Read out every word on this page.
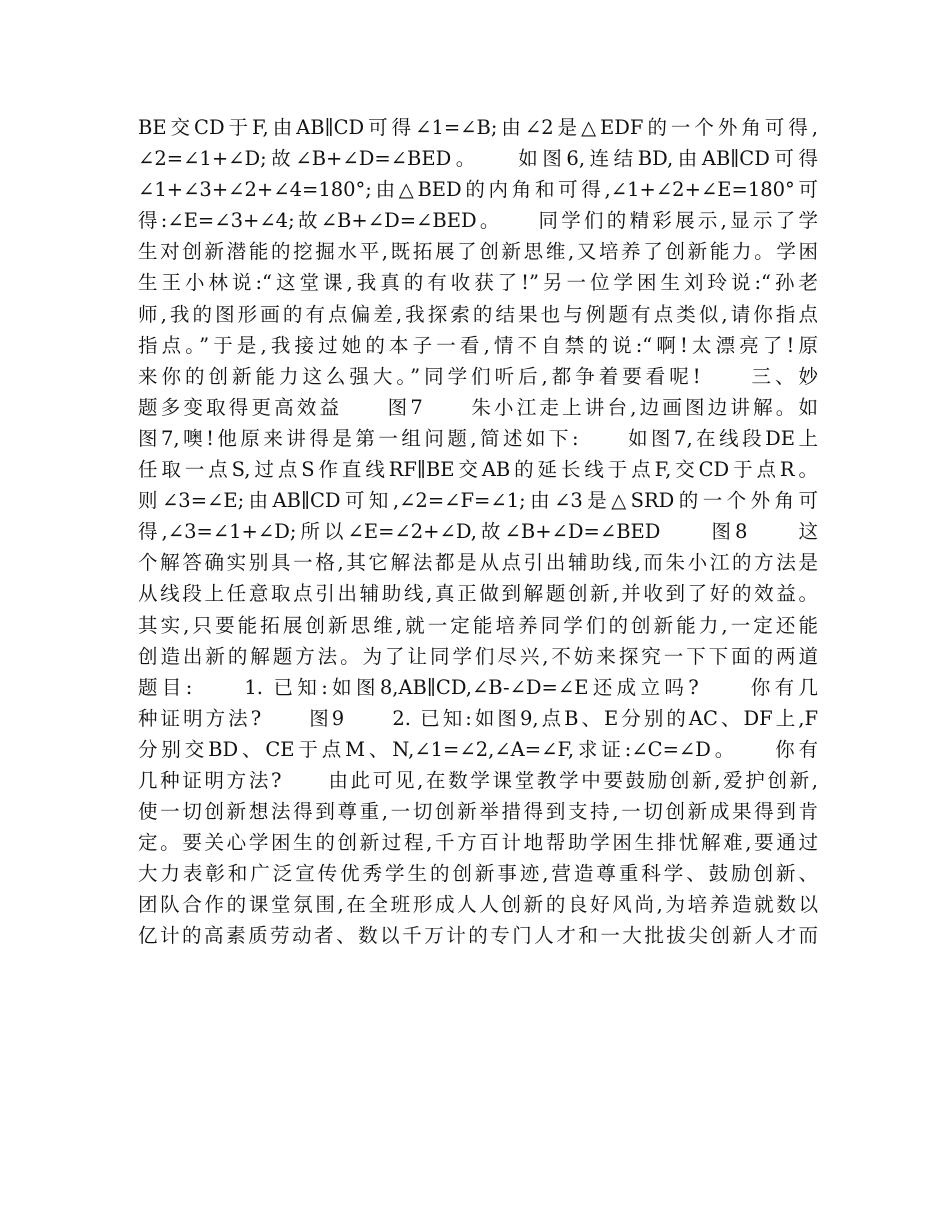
BE交CD于F,由AB∥CD可得∠1=∠B;由∠2是△EDF的一个外角可得,
∠2=∠1+∠D;故∠B+∠D=∠BED。　　如图6,连结BD,由AB∥CD可得
∠1+∠3+∠2+∠4=180°;由△BED的内角和可得,∠1+∠2+∠E=180°可
得:∠E=∠3+∠4;故∠B+∠D=∠BED。　　同学们的精彩展示,显示了学
生对创新潜能的挖掘水平,既拓展了创新思维,又培养了创新能力。学困
生王小林说:“这堂课,我真的有收获了!”另一位学困生刘玲说:“孙老
师,我的图形画的有点偏差,我探索的结果也与例题有点类似,请你指点
指点。”于是,我接过她的本子一看,情不自禁的说:“啊!太漂亮了!原
来你的创新能力这么强大。”同学们听后,都争着要看呢!　　三、妙
题多变取得更高效益　　图7　　朱小江走上讲台,边画图边讲解。如
图7,噢!他原来讲得是第一组问题,简述如下:　　如图7,在线段DE上
任取一点S,过点S作直线RF∥BE交AB的延长线于点F,交CD于点R。
则∠3=∠E;由AB∥CD可知,∠2=∠F=∠1;由∠3是△SRD的一个外角可
得,∠3=∠1+∠D;所以∠E=∠2+∠D,故∠B+∠D=∠BED　　图8　　这
个解答确实别具一格,其它解法都是从点引出辅助线,而朱小江的方法是
从线段上任意取点引出辅助线,真正做到解题创新,并收到了好的效益。
其实,只要能拓展创新思维,就一定能培养同学们的创新能力,一定还能
创造出新的解题方法。为了让同学们尽兴,不妨来探究一下下面的两道
题目:　　1. 已知:如图8,AB∥CD,∠B-∠D=∠E还成立吗?　　你有几
种证明方法?　　图9　　2. 已知:如图9,点B、E分别的AC、DF上,F
分别交BD、CE于点M、N,∠1=∠2,∠A=∠F,求证:∠C=∠D。　　你有
几种证明方法?　　由此可见,在数学课堂教学中要鼓励创新,爱护创新,
使一切创新想法得到尊重,一切创新举措得到支持,一切创新成果得到肯
定。要关心学困生的创新过程,千方百计地帮助学困生排忧解难,要通过
大力表彰和广泛宣传优秀学生的创新事迹,营造尊重科学、鼓励创新、
团队合作的课堂氛围,在全班形成人人创新的良好风尚,为培养造就数以
亿计的高素质劳动者、数以千万计的专门人才和一大批拔尖创新人才而
